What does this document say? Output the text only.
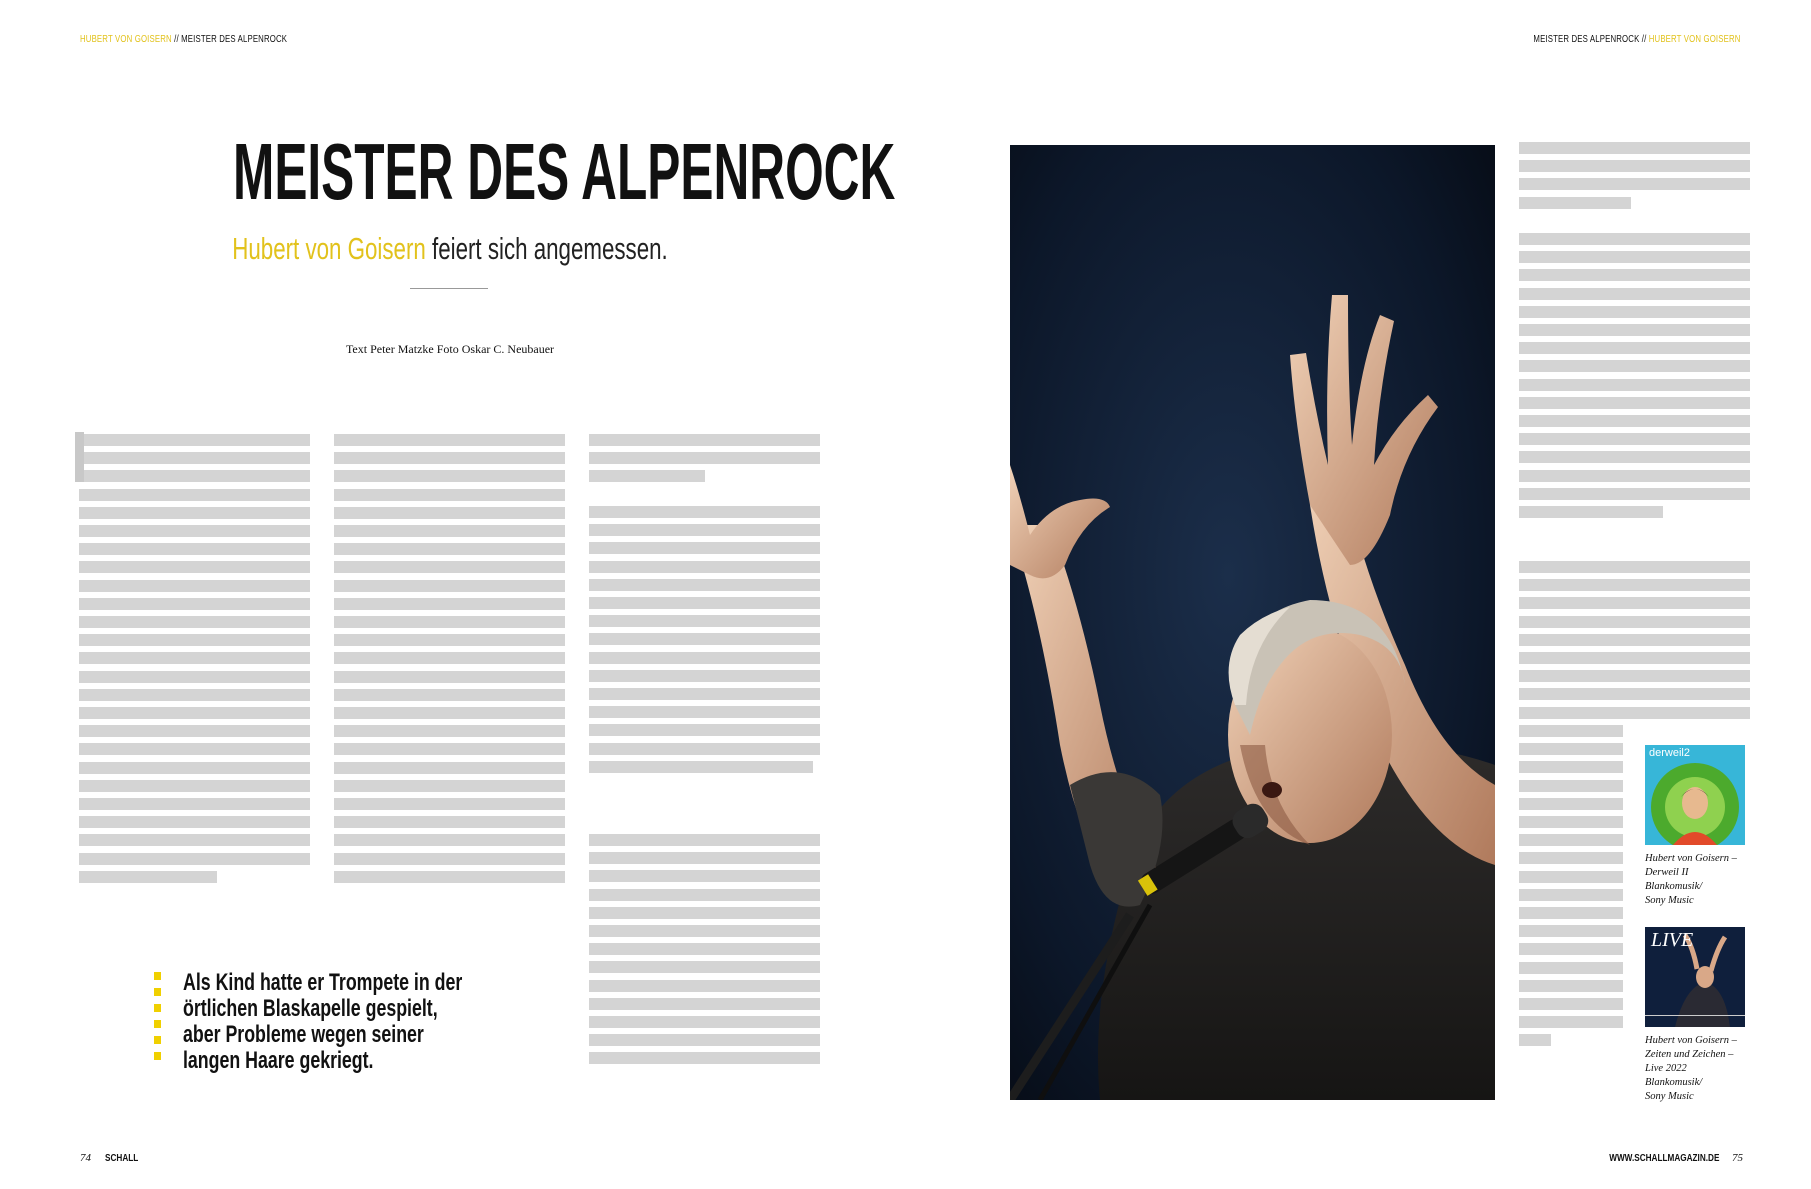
HUBERT VON GOISERN // MEISTER DES ALPENROCK	MEISTER DES ALPENROCK // HUBERT VON GOISERN
MEISTER DES ALPENROCK
Hubert von Goisern feiert sich angemessen.
Text Peter Matzke Foto Oskar C. Neubauer
Als Kind hatte er Trompete in der
örtlichen Blaskapelle gespielt,
aber Probleme wegen seiner
langen Haare gekriegt.
derweil2
Hubert von Goisern –
Derweil II
Blankomusik/
Sony Music
LIVE
Hubert von Goisern –
Zeiten und Zeichen –
Live 2022
Blankomusik/
Sony Music
74 SCHALL	WWW.SCHALLMAGAZIN.DE 75
